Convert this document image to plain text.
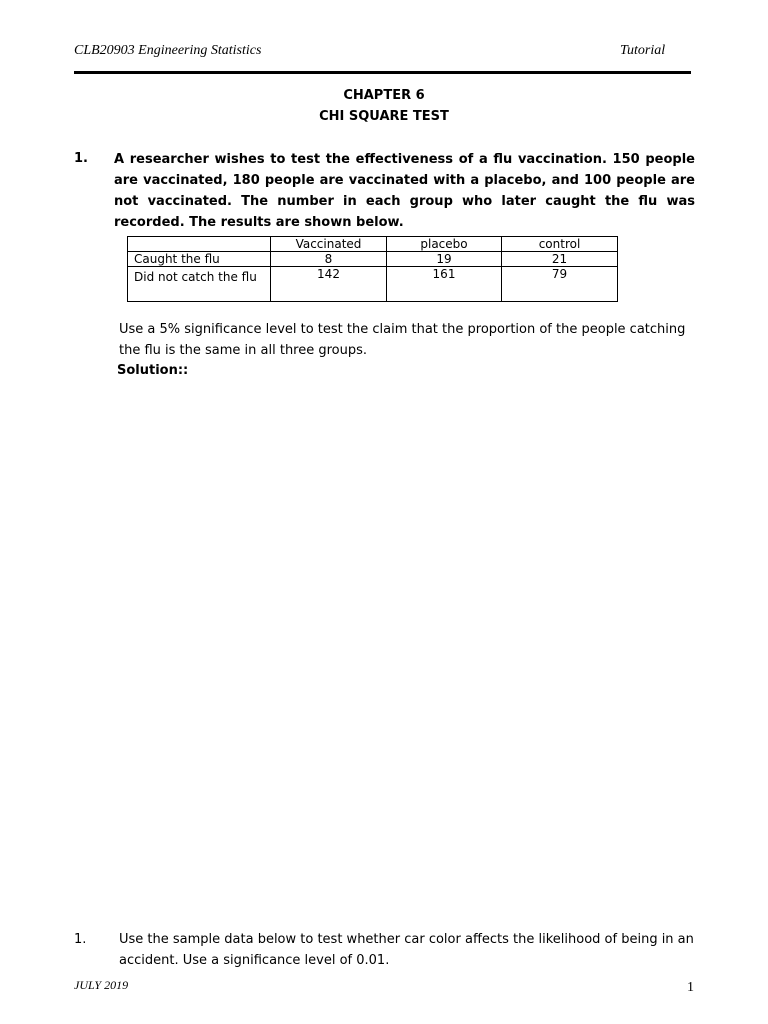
CLB20903 Engineering Statistics	Tutorial
CHAPTER 6
CHI SQUARE TEST
1. A researcher wishes to test the effectiveness of a flu vaccination. 150 people are vaccinated, 180 people are vaccinated with a placebo, and 100 people are not vaccinated. The number in each group who later caught the flu was recorded. The results are shown below.
	Vaccinated	placebo	control
Caught the flu	8	19	21
Did not catch the flu	142	161	79
Use a 5% significance level to test the claim that the proportion of the people catching the flu is the same in all three groups.
Solution::
1.	Use the sample data below to test whether car color affects the likelihood of being in an accident. Use a significance level of 0.01.
JULY 2019	1
